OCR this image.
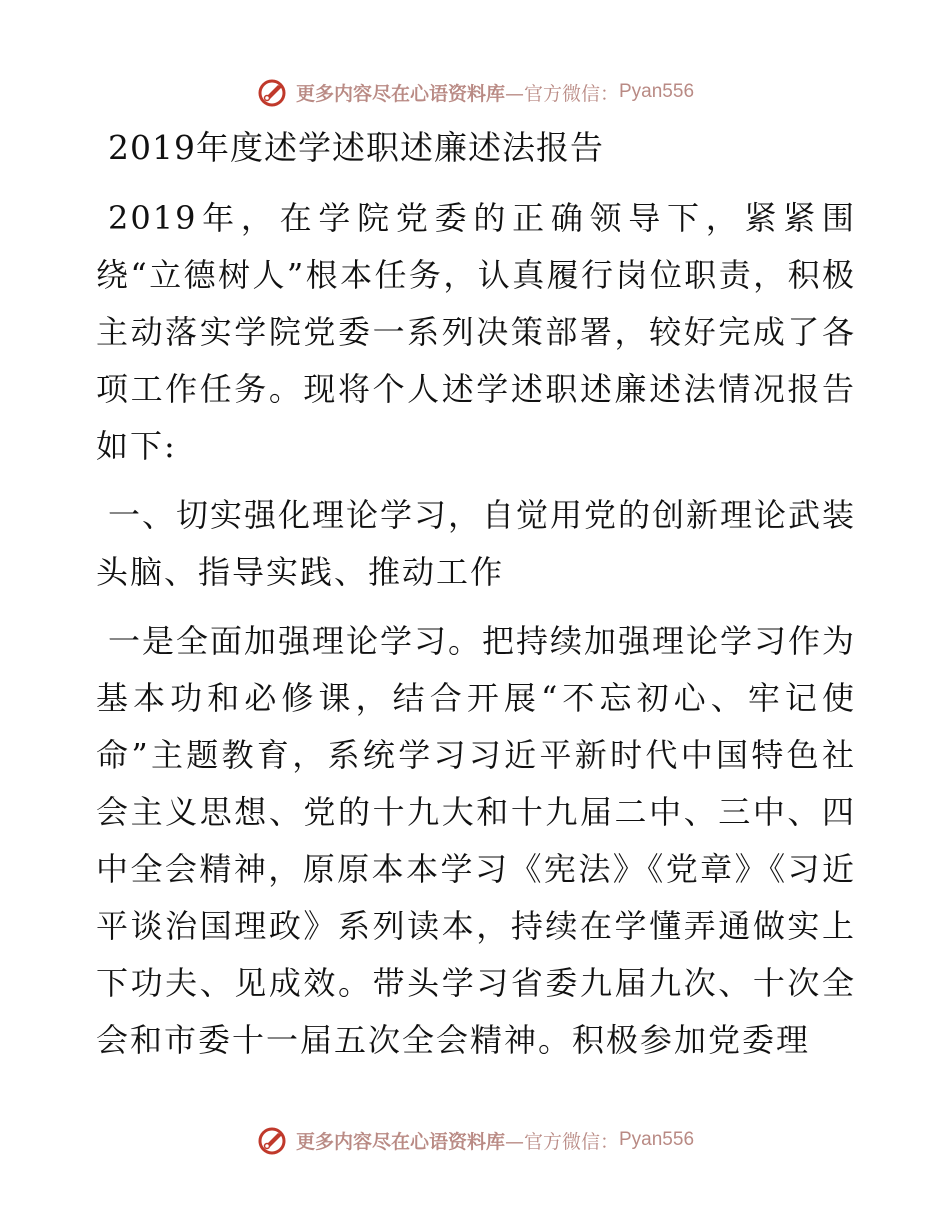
更多内容尽在心语资料库 —官方微信： Pyan556
2019年度述学述职述廉述法报告

2019年，在学院党委的正确领导下，紧紧围绕“立德树人”根本任务，认真履行岗位职责，积极主动落实学院党委一系列决策部署，较好完成了各项工作任务。现将个人述学述职述廉述法情况报告如下:

一、切实强化理论学习，自觉用党的创新理论武装头脑、指导实践、推动工作

一是全面加强理论学习。把持续加强理论学习作为基本功和必修课，结合开展“不忘初心、牢记使命”主题教育，系统学习习近平新时代中国特色社会主义思想、党的十九大和十九届二中、三中、四中全会精神，原原本本学习《宪法》《党章》《习近平谈治国理政》系列读本，持续在学懂弄通做实上下功夫、见成效。带头学习省委九届九次、十次全会和市委十一届五次全会精神。积极参加党委理

更多内容尽在心语资料库 —官方微信： Pyan556
